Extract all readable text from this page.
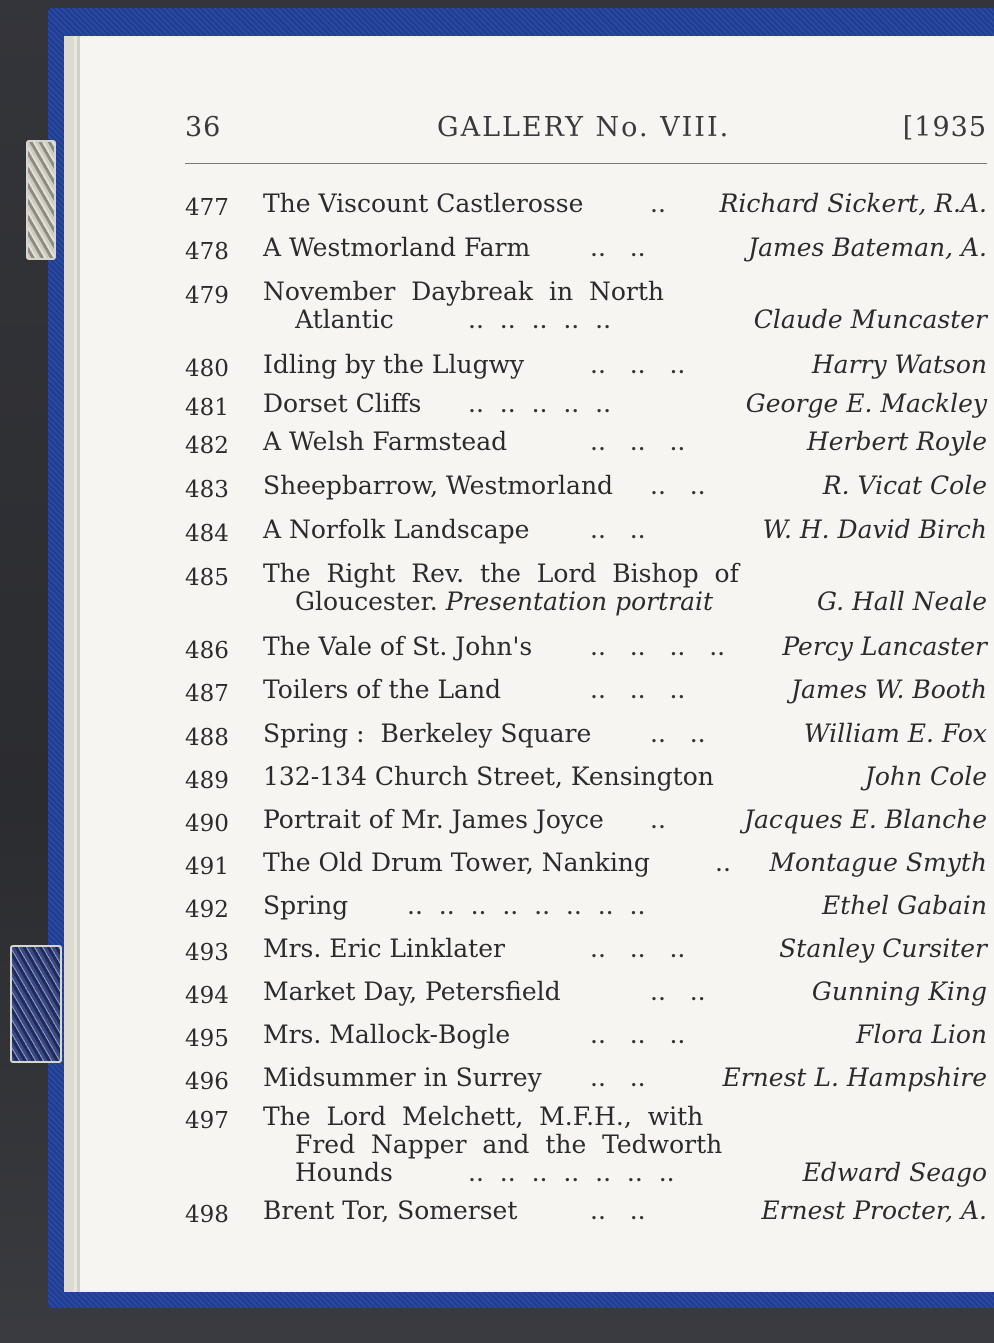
36	GALLERY No. VIII.	[1935
477 The Viscount Castlerosse	.. Richard Sickert, R.A.
478 A Westmorland Farm ..   ..	James Bateman, A.
479 November  Daybreak  in  North
Atlantic	..  ..  ..  ..  ..	Claude Muncaster
480 Idling by the Llugwy	..   ..   ..	Harry Watson
481 Dorset Cliffs ..  ..  ..  ..  ..	George E. Mackley
482 A Welsh Farmstead	..   ..   ..	Herbert Royle
483 Sheepbarrow, Westmorland ..   ..	R. Vicat Cole
484 A Norfolk Landscape ..   ..	W. H. David Birch
485 The  Right  Rev.  the  Lord  Bishop  of
Gloucester. Presentation portrait	G. Hall Neale
486 The Vale of St. John's ..   ..   ..   .. Percy Lancaster
487 Toilers of the Land	..   ..   ..	James W. Booth
488 Spring :  Berkeley Square ..   ..	William E. Fox
489 132-134 Church Street, Kensington	John Cole
490 Portrait of Mr. James Joyce ..	Jacques E. Blanche
491 The Old Drum Tower, Nanking	.. Montague Smyth
492 Spring ..  ..  ..  ..  ..  ..  ..  ..	Ethel Gabain
493 Mrs. Eric Linklater	..   ..   ..	Stanley Cursiter
494 Market Day, Petersfield	..   ..	Gunning King
495 Mrs. Mallock-Bogle	..   ..   ..	Flora Lion
496 Midsummer in Surrey ..   ..	Ernest L. Hampshire
497 The  Lord  Melchett,  M.F.H.,  with
Fred  Napper  and  the  Tedworth
Hounds	..  ..  ..  ..  ..  ..  ..	Edward Seago
498 Brent Tor, Somerset	..   ..	Ernest Procter, A.
